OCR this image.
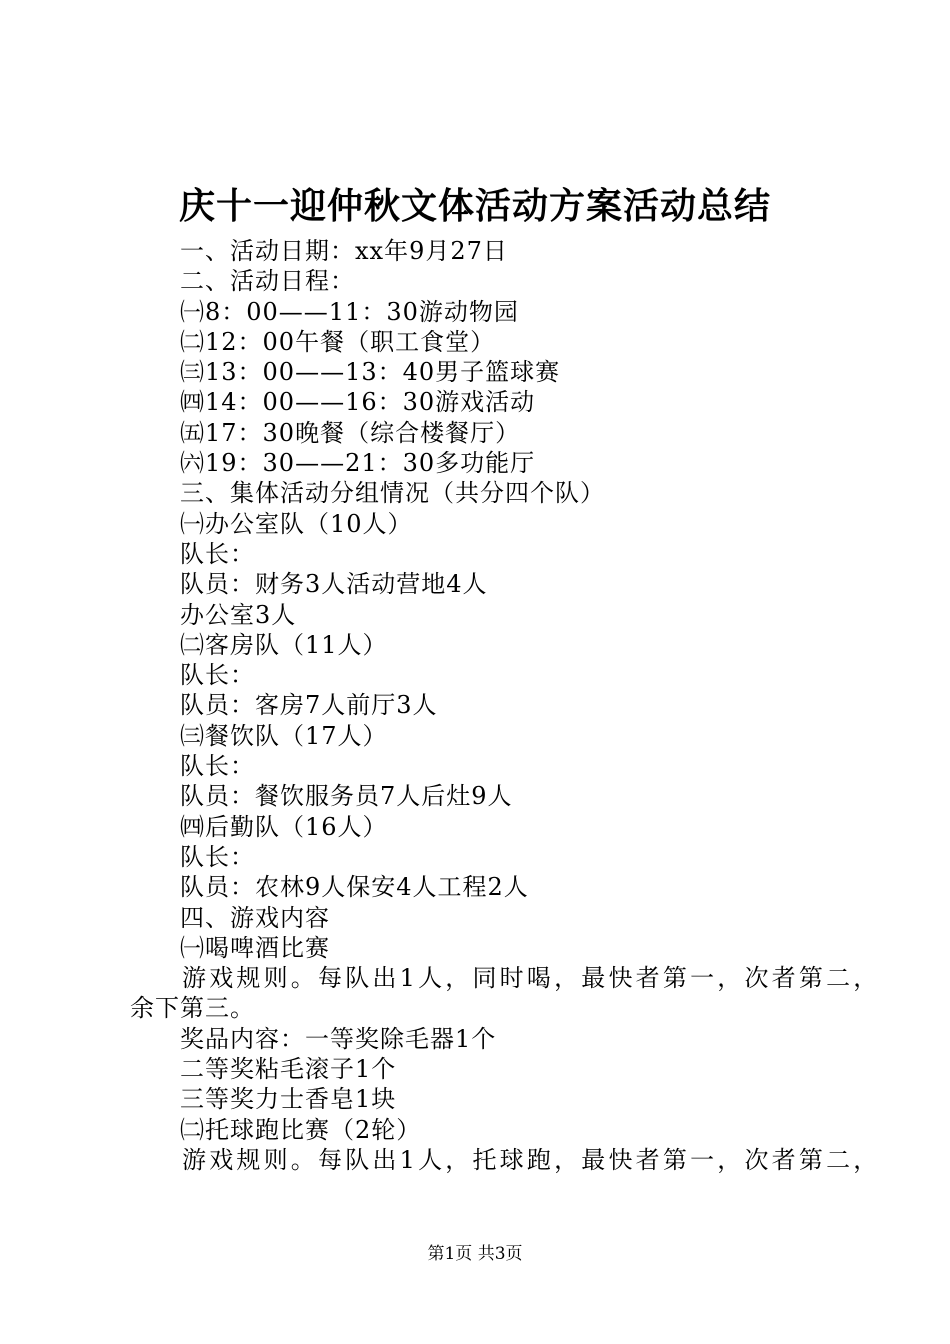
庆十一迎仲秋文体活动方案活动总结
一、活动日期：xx年9月27日
二、活动日程：
㈠8：00——11：30游动物园
㈡12：00午餐（职工食堂）
㈢13：00——13：40男子篮球赛
㈣14：00——16：30游戏活动
㈤17：30晚餐（综合楼餐厅）
㈥19：30——21：30多功能厅
三、集体活动分组情况（共分四个队）
㈠办公室队（10人）
队长：
队员：财务3人活动营地4人
办公室3人
㈡客房队（11人）
队长：
队员：客房7人前厅3人
㈢餐饮队（17人）
队长：
队员：餐饮服务员7人后灶9人
㈣后勤队（16人）
队长：
队员：农林9人保安4人工程2人
四、游戏内容
㈠喝啤酒比赛
游戏规则。每队出1人，同时喝，最快者第一，次者第二，
余下第三。
奖品内容：一等奖除毛器1个
二等奖粘毛滚子1个
三等奖力士香皂1块
㈡托球跑比赛（2轮）
游戏规则。每队出1人，托球跑，最快者第一，次者第二，
第1页 共3页
